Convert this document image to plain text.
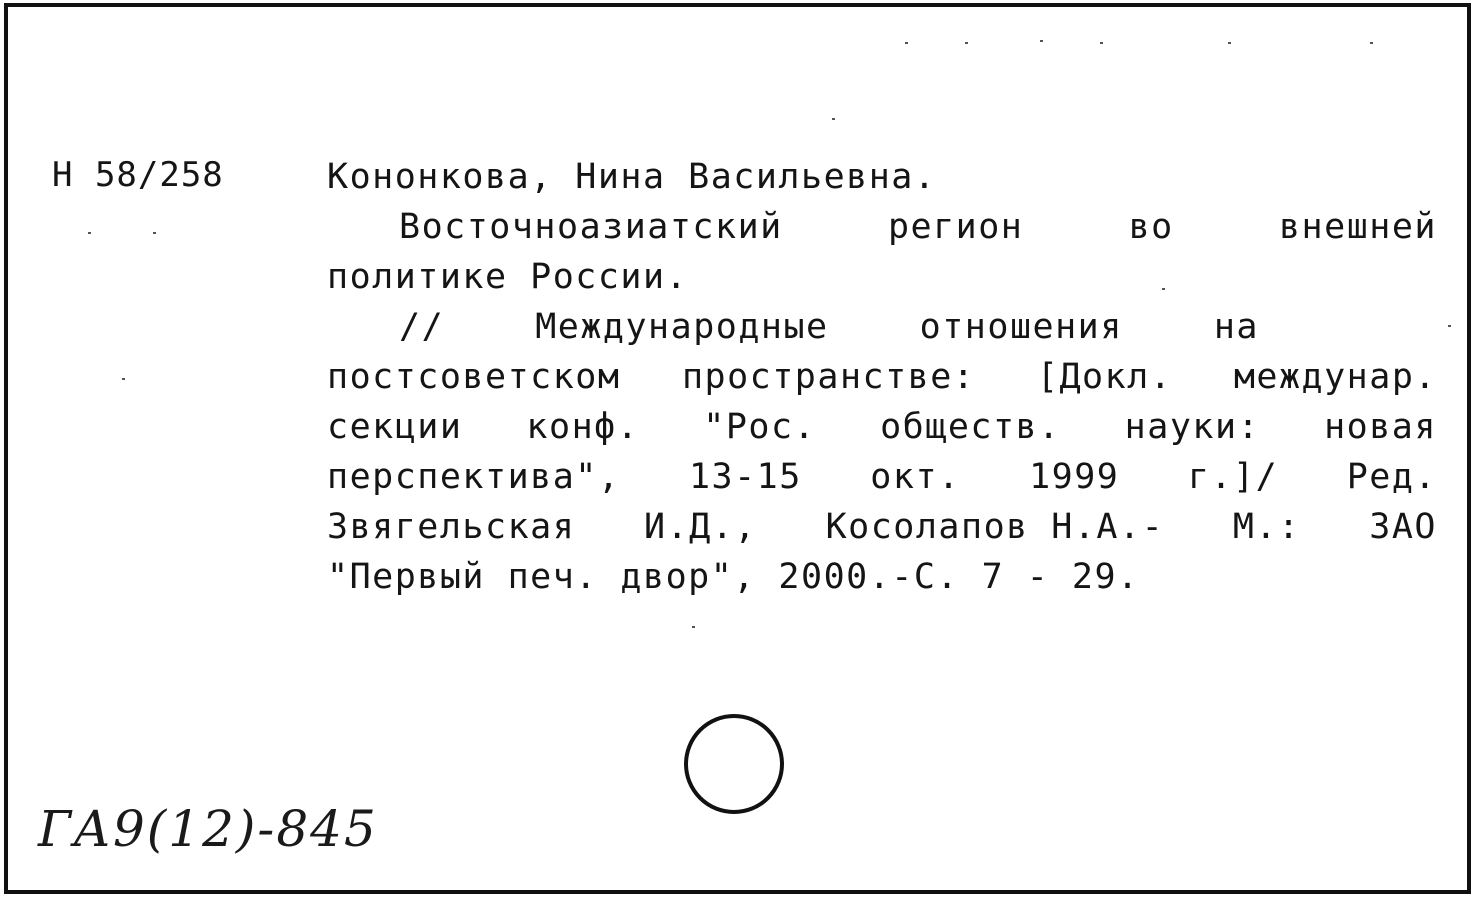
Н 58/258	Кононкова, Нина Васильевна.
Восточноазиатский	регион	во	внешней
политике России.
//	Международные	отношения	на
постсоветском пространстве: [Докл. междунар.
секции конф. "Рос. обществ. науки: новая
перспектива", 13-15 окт. 1999 г.]/ Ред.
Звягельская И.Д., Косолапов Н.А.- М.: ЗАО
"Первый печ. двор", 2000.-С. 7 - 29.
ГА9(12)-845
